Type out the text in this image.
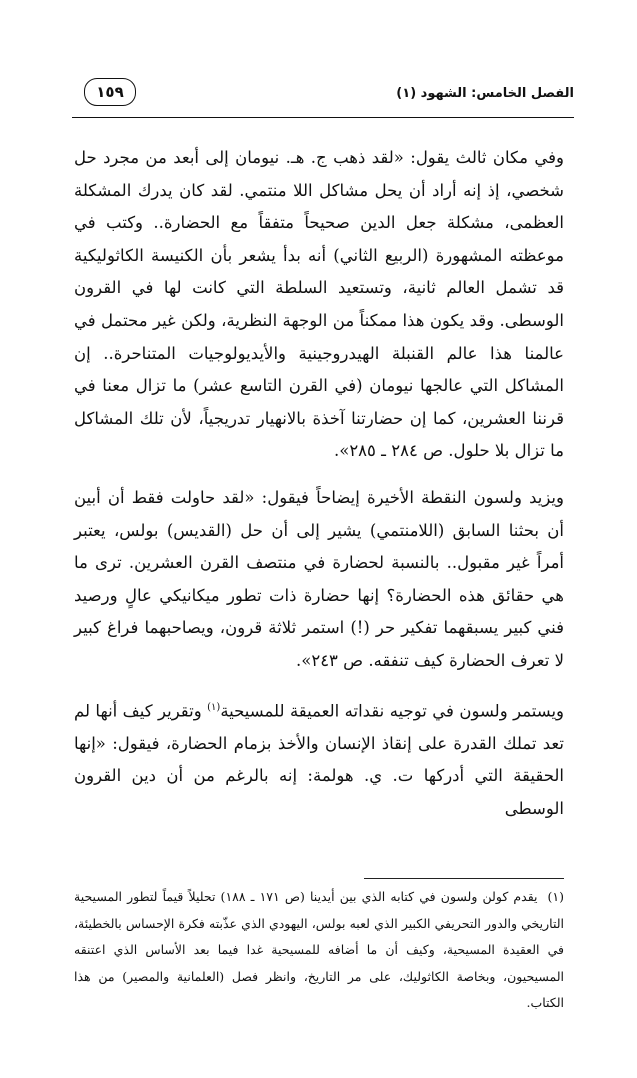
الفصل الخامس: الشهود (١)
١٥٩

وفي مكان ثالث يقول: «لقد ذهب ج. هـ. نيومان إلى أبعد من مجرد حل شخصي، إذ إنه أراد أن يحل مشاكل اللا منتمي. لقد كان يدرك المشكلة العظمى، مشكلة جعل الدين صحيحاً متفقاً مع الحضارة.. وكتب في موعظته المشهورة (الربيع الثاني) أنه بدأ يشعر بأن الكنيسة الكاثوليكية قد تشمل العالم ثانية، وتستعيد السلطة التي كانت لها في القرون الوسطى. وقد يكون هذا ممكناً من الوجهة النظرية، ولكن غير محتمل في عالمنا هذا عالم القنبلة الهيدروجينية والأيديولوجيات المتناحرة.. إن المشاكل التي عالجها نيومان (في القرن التاسع عشر) ما تزال معنا في قرننا العشرين، كما إن حضارتنا آخذة بالانهيار تدريجياً، لأن تلك المشاكل ما تزال بلا حلول. ص ٢٨٤ ـ ٢٨٥».

ويزيد ولسون النقطة الأخيرة إيضاحاً فيقول: «لقد حاولت فقط أن أبين أن بحثنا السابق (اللامنتمي) يشير إلى أن حل (القديس) بولس، يعتبر أمراً غير مقبول.. بالنسبة لحضارة في منتصف القرن العشرين. ترى ما هي حقائق هذه الحضارة؟ إنها حضارة ذات تطور ميكانيكي عالٍ ورصيد فني كبير يسبقهما تفكير حر (!) استمر ثلاثة قرون، ويصاحبهما فراغ كبير لا تعرف الحضارة كيف تنفقه. ص ٢٤٣».

ويستمر ولسون في توجيه نقداته العميقة للمسيحية$^{(١)}$ وتقرير كيف أنها لم تعد تملك القدرة على إنقاذ الإنسان والأخذ بزمام الحضارة، فيقول: «إنها الحقيقة التي أدركها ت. ي. هولمة: إنه بالرغم من أن دين القرون الوسطى

(١)يقدم كولن ولسون في كتابه الذي بين أيدينا (ص ١٧١ ـ ١٨٨) تحليلاً قيماً لتطور المسيحية التاريخي والدور التحريفي الكبير الذي لعبه بولس، اليهودي الذي عذّبته فكرة الإحساس بالخطيئة، في العقيدة المسيحية، وكيف أن ما أضافه للمسيحية غدا فيما بعد الأساس الذي اعتنقه المسيحيون، وبخاصة الكاثوليك، على مر التاريخ، وانظر فصل (العلمانية والمصير) من هذا الكتاب.
